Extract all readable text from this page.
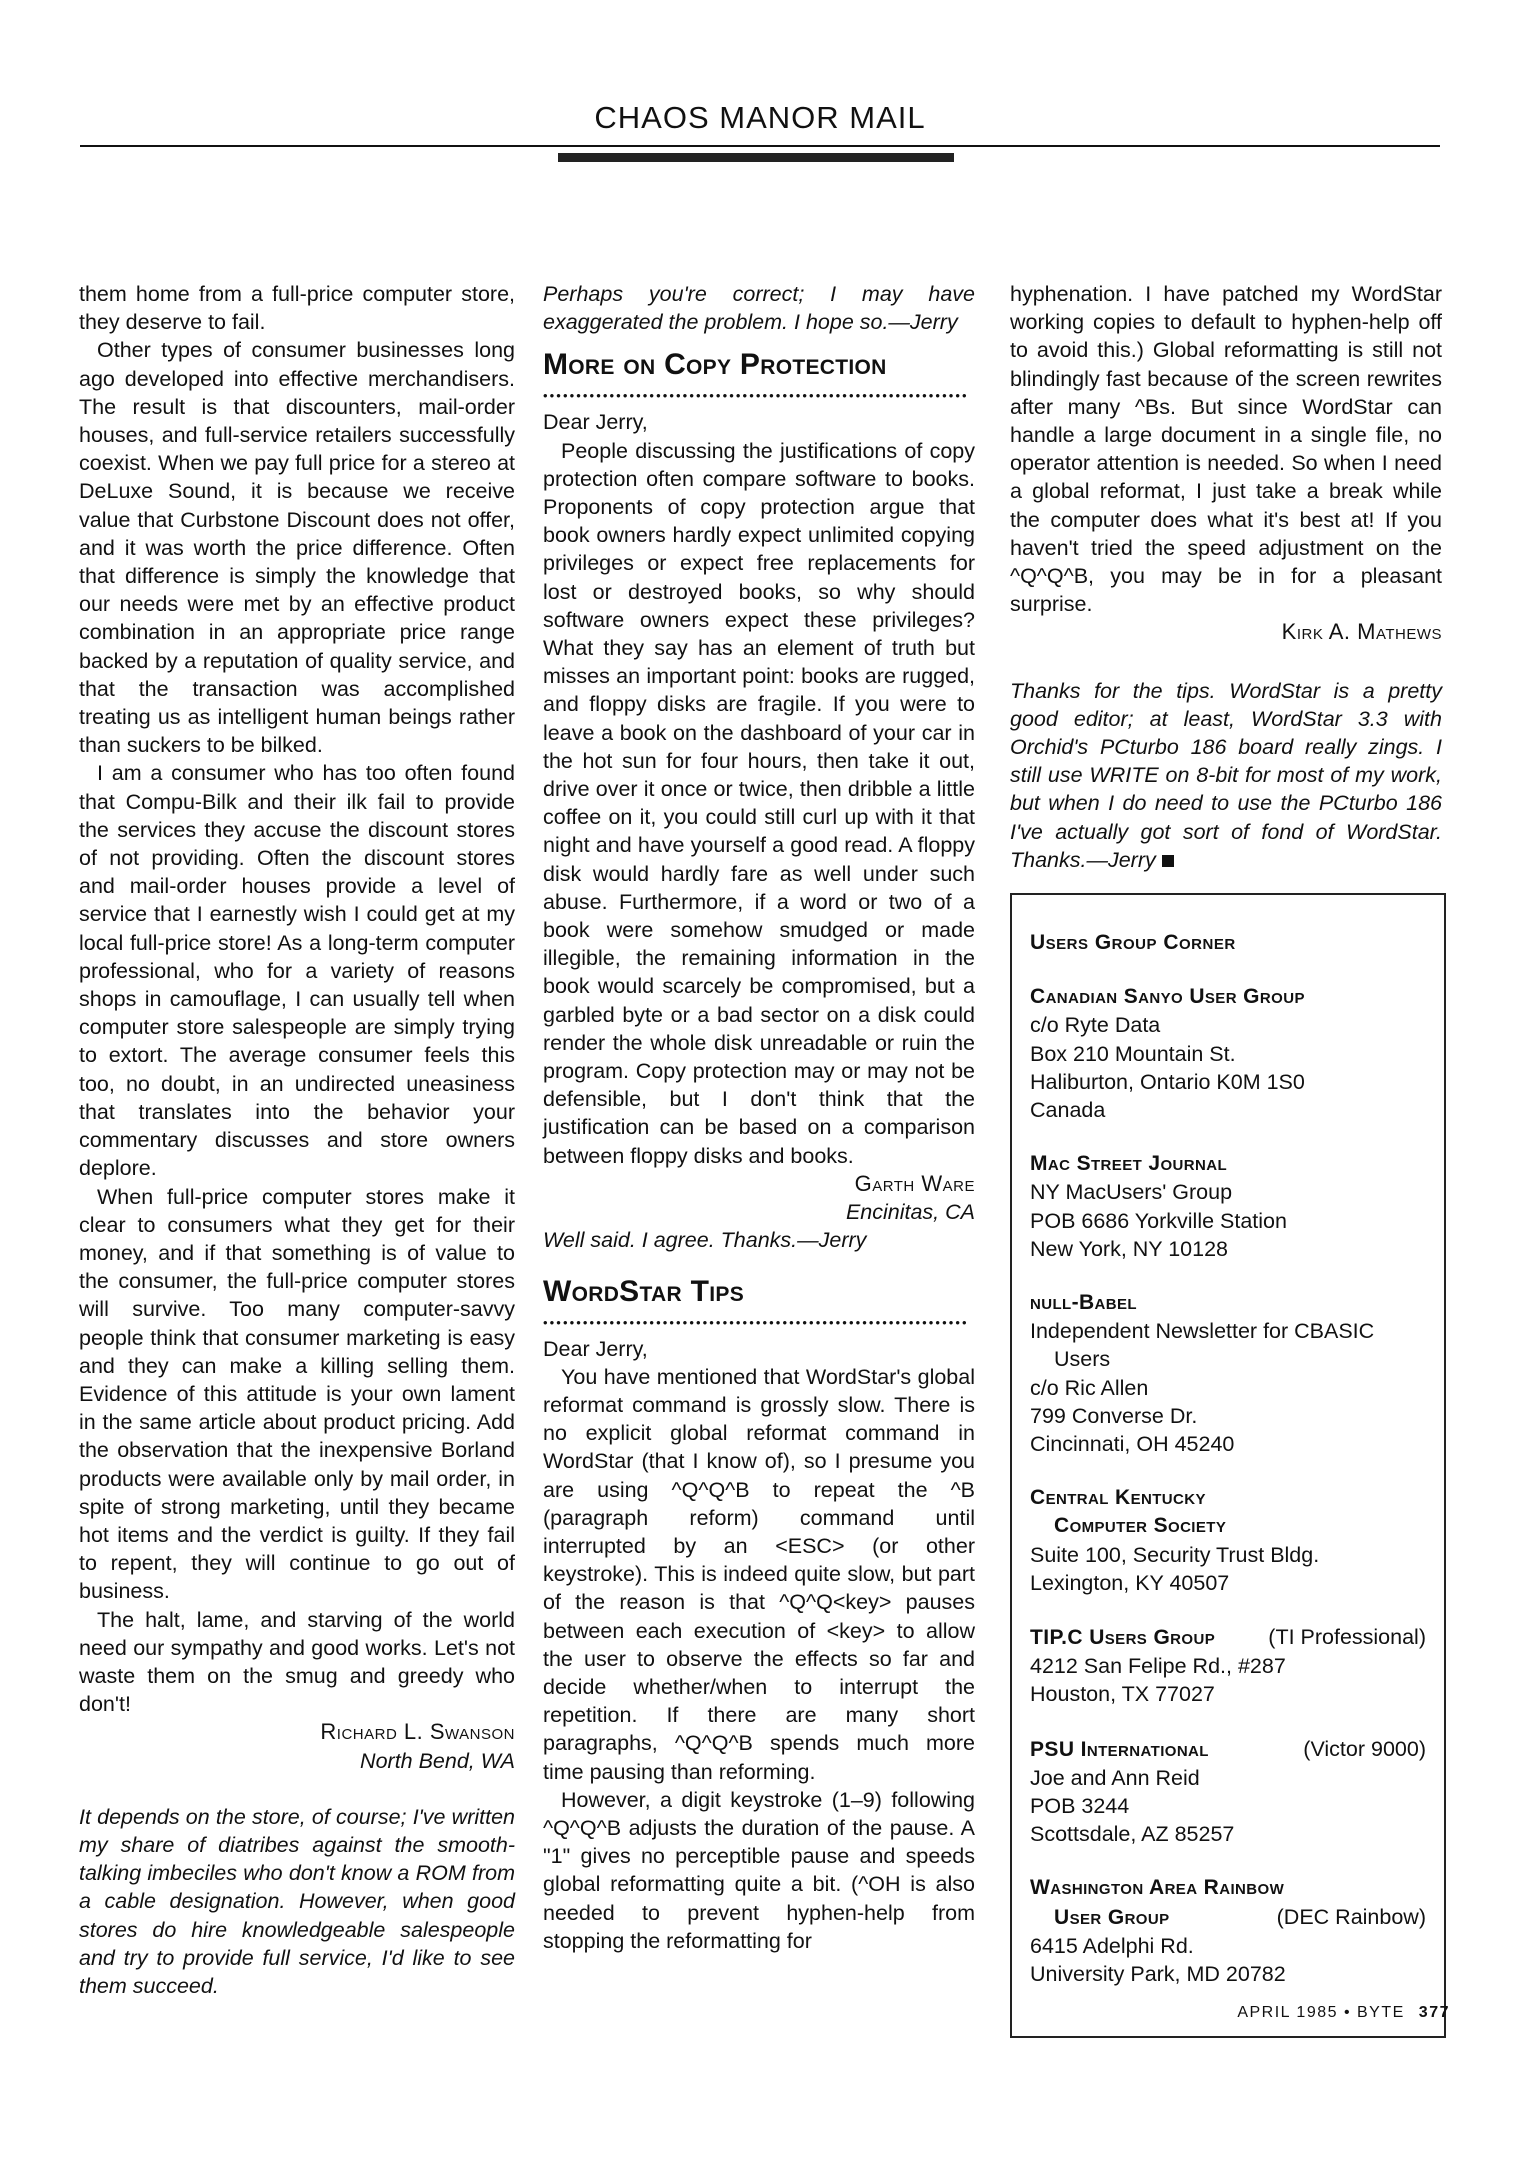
CHAOS MANOR MAIL

them home from a full-price computer store, they deserve to fail.

Other types of consumer businesses long ago developed into effective merchandisers. The result is that discounters, mail-order houses, and full-service retailers successfully coexist. When we pay full price for a stereo at DeLuxe Sound, it is because we receive value that Curbstone Discount does not offer, and it was worth the price difference. Often that difference is simply the knowledge that our needs were met by an effective product combination in an appropriate price range backed by a reputation of quality service, and that the transaction was accomplished treating us as intelligent human beings rather than suckers to be bilked.

I am a consumer who has too often found that Compu-Bilk and their ilk fail to provide the services they accuse the discount stores of not providing. Often the discount stores and mail-order houses provide a level of service that I earnestly wish I could get at my local full-price store! As a long-term computer professional, who for a variety of reasons shops in camouflage, I can usually tell when computer store salespeople are simply trying to extort. The average consumer feels this too, no doubt, in an undirected uneasiness that translates into the behavior your commentary discusses and store owners deplore.

When full-price computer stores make it clear to consumers what they get for their money, and if that something is of value to the consumer, the full-price computer stores will survive. Too many computer-savvy people think that consumer marketing is easy and they can make a killing selling them. Evidence of this attitude is your own lament in the same article about product pricing. Add the observation that the inexpensive Borland products were available only by mail order, in spite of strong marketing, until they became hot items and the verdict is guilty. If they fail to repent, they will continue to go out of business.

The halt, lame, and starving of the world need our sympathy and good works. Let's not waste them on the smug and greedy who don't!

Richard L. Swanson
North Bend, WA

It depends on the store, of course; I've written my share of diatribes against the smooth-talking imbeciles who don't know a ROM from a cable designation. However, when good stores do hire knowledgeable salespeople and try to provide full service, I'd like to see them succeed.

Perhaps you're correct; I may have exaggerated the problem. I hope so.—Jerry

More on Copy Protection
••••••••••••••••••••••••••••••••••••••••••••••••••••••••••••••••

Dear Jerry,

People discussing the justifications of copy protection often compare software to books. Proponents of copy protection argue that book owners hardly expect unlimited copying privileges or expect free replacements for lost or destroyed books, so why should software owners expect these privileges? What they say has an element of truth but misses an important point: books are rugged, and floppy disks are fragile. If you were to leave a book on the dashboard of your car in the hot sun for four hours, then take it out, drive over it once or twice, then dribble a little coffee on it, you could still curl up with it that night and have yourself a good read. A floppy disk would hardly fare as well under such abuse. Furthermore, if a word or two of a book were somehow smudged or made illegible, the remaining information in the book would scarcely be compromised, but a garbled byte or a bad sector on a disk could render the whole disk unreadable or ruin the program. Copy protection may or may not be defensible, but I don't think that the justification can be based on a comparison between floppy disks and books.

Garth Ware
Encinitas, CA

Well said. I agree. Thanks.—Jerry

WordStar Tips
••••••••••••••••••••••••••••••••••••••••••••••••••••••••••••••••

Dear Jerry,

You have mentioned that WordStar's global reformat command is grossly slow. There is no explicit global reformat command in WordStar (that I know of), so I presume you are using ^Q^Q^B to repeat the ^B (paragraph reform) command until interrupted by an <ESC> (or other keystroke). This is indeed quite slow, but part of the reason is that ^Q^Q<key> pauses between each execution of <key> to allow the user to observe the effects so far and decide whether/when to interrupt the repetition. If there are many short paragraphs, ^Q^Q^B spends much more time pausing than reforming.

However, a digit keystroke (1–9) following ^Q^Q^B adjusts the duration of the pause. A "1" gives no perceptible pause and speeds global reformatting quite a bit. (^OH is also needed to prevent hyphen-help from stopping the reformatting for

hyphenation. I have patched my WordStar working copies to default to hyphen-help off to avoid this.) Global reformatting is still not blindingly fast because of the screen rewrites after many ^Bs. But since WordStar can handle a large document in a single file, no operator attention is needed. So when I need a global reformat, I just take a break while the computer does what it's best at! If you haven't tried the speed adjustment on the ^Q^Q^B, you may be in for a pleasant surprise.

Kirk A. Mathews

Thanks for the tips. WordStar is a pretty good editor; at least, WordStar 3.3 with Orchid's PCturbo 186 board really zings. I still use WRITE on 8-bit for most of my work, but when I do need to use the PCturbo 186 I've actually got sort of fond of WordStar. Thanks.—Jerry

Users Group Corner
Canadian Sanyo User Group
c/o Ryte Data
Box 210 Mountain St.
Haliburton, Ontario K0M 1S0
Canada
Mac Street Journal
NY MacUsers' Group
POB 6686 Yorkville Station
New York, NY 10128
null-Babel
Independent Newsletter for CBASIC
Users
c/o Ric Allen
799 Converse Dr.
Cincinnati, OH 45240
Central Kentucky
Computer Society
Suite 100, Security Trust Bldg.
Lexington, KY 40507
TIP.C Users Group (TI Professional)
4212 San Felipe Rd., #287
Houston, TX 77027
PSU International	(Victor 9000)
Joe and Ann Reid
POB 3244
Scottsdale, AZ 85257
Washington Area Rainbow
User Group	(DEC Rainbow)
6415 Adelphi Rd.
University Park, MD 20782
APRIL 1985 • BYTE 377
